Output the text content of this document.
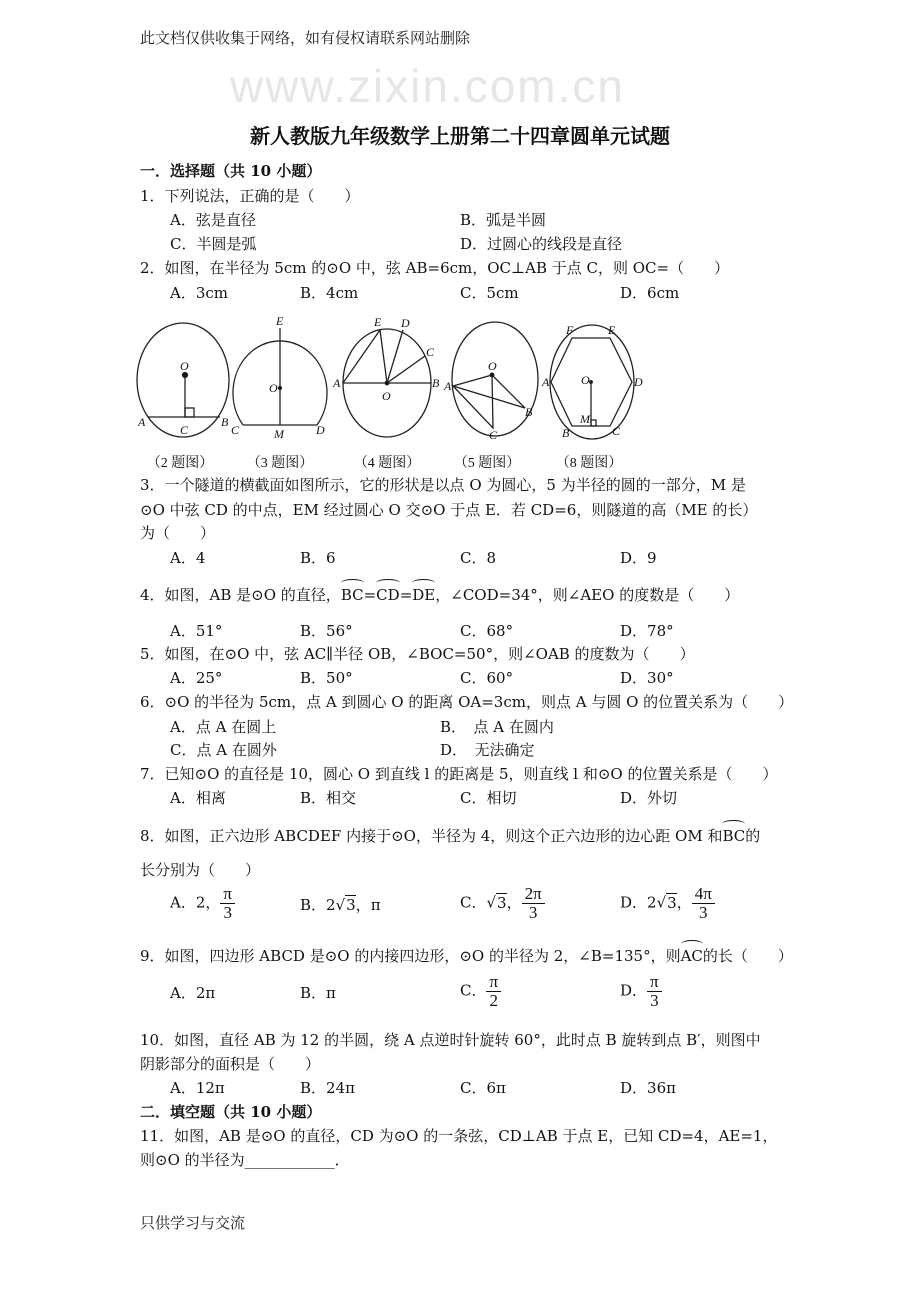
此文档仅供收集于网络，如有侵权请联系网站删除
www.zixin.com.cn
新人教版九年级数学上册第二十四章圆单元试题
一．选择题（共 10 小题）
1．下列说法，正确的是（　　）
A．弦是直径	B．弧是半圆
C．半圆是弧	D．过圆心的线段是直径
2．如图，在半径为 5cm 的⊙O 中，弦 AB=6cm，OC⊥AB 于点 C，则 OC=（　　）
A．3cm	B．4cm	C．5cm	D．6cm
O
A
C
B
（2 题图）
E
O
C	M	D
（3 题图）
E D
C
A	B
O
（4 题图）
O
A
B
C
（5 题图）
F	E
A	D
O
M
B	C
（8 题图）
3．一个隧道的横截面如图所示，它的形状是以点 O 为圆心，5 为半径的圆的一部分，M 是
⊙O 中弦 CD 的中点，EM 经过圆心 O 交⊙O 于点 E．若 CD=6，则隧道的高（ME 的长）
为（　　）
A．4	B．6	C．8	D．9
4．如图，AB 是⊙O 的直径，BC=CD=DE，∠COD=34°，则∠AEO 的度数是（　　）
A．51°	B．56°	C．68°	D．78°
5．如图，在⊙O 中，弦 AC∥半径 OB，∠BOC=50°，则∠OAB 的度数为（　　）
A．25°	B．50°	C．60°	D．30°
6．⊙O 的半径为 5cm，点 A 到圆心 O 的距离 OA=3cm，则点 A 与圆 O 的位置关系为（　　）
A．点 A 在圆上	B．　点 A 在圆内
C．点 A 在圆外	D．　无法确定
7．已知⊙O 的直径是 10，圆心 O 到直线 l 的距离是 5，则直线 l 和⊙O 的位置关系是（　　）
A．相离	B．相交	C．相切	D．外切
8．如图，正六边形 ABCDEF 内接于⊙O，半径为 4，则这个正六边形的边心距 OM 和BC的
长分别为（　　）
A．2， $\frac{\pi}{3}$	B．2√3，π	C．√3， $\frac{2\pi}{3}$	D．2√3， $\frac{4\pi}{3}$
9．如图，四边形 ABCD 是⊙O 的内接四边形，⊙O 的半径为 2，∠B=135°，则AC的长（　　）
A．2π	B．π	C． $\frac{\pi}{2}$	D． $\frac{\pi}{3}$
10．如图，直径 AB 为 12 的半圆，绕 A 点逆时针旋转 60°，此时点 B 旋转到点 B′，则图中
阴影部分的面积是（　　）
A．12π	B．24π	C．6π	D．36π
二．填空题（共 10 小题）
11．如图，AB 是⊙O 的直径，CD 为⊙O 的一条弦，CD⊥AB 于点 E，已知 CD=4，AE=1，
则⊙O 的半径为____________．
只供学习与交流
